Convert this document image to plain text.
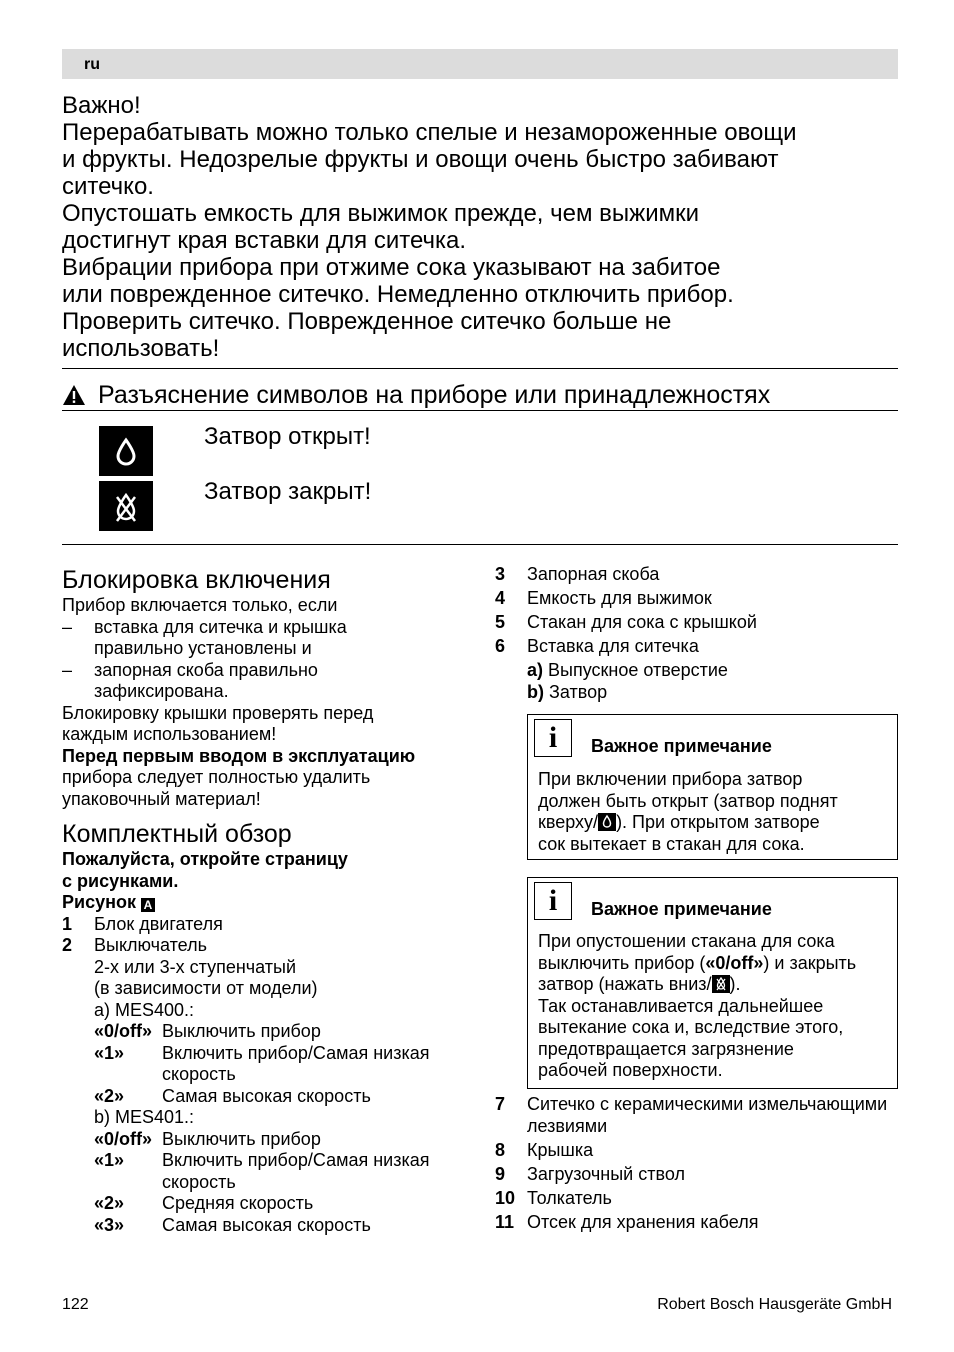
ru

Важно!

Перерабатывать можно только спелые и незамороженные овощи

и фрукты. Недозрелые фрукты и овощи очень быстро забивают

ситечко.

Опустошать емкость для выжимок прежде, чем выжимки

достигнут края вставки для ситечка.

Вибрации прибора при отжиме сока указывают на забитое

или поврежденное ситечко. Немедленно отключить прибор.

Проверить ситечко. Поврежденное ситечко больше не

использовать!

Разъяснение символов на приборе или принадлежностях
Затвор открыт!
Затвор закрыт!

Блокировка включения

Прибор включается только, если

–	вставка для ситечка и крышка
правильно установлены и
–	запорная скоба правильно
зафиксирована.

Блокировку крышки проверять перед

каждым использованием!

Перед первым вводом в эксплуатацию

прибора следует полностью удалить

упаковочный материал!

Комплектный обзор

Пожалуйста, откройте страницу

с рисунками.

Рисунок A

1	Блок двигателя
2	Выключатель

2-х или 3-х ступенчатый

(в зависимости от модели)

a) MES400.:

«0/off» Выключить прибор
«1»	Включить прибор/Самая низкая скорость
«2»	Самая высокая скорость

b) MES401.:

«0/off» Выключить прибор
«1»	Включить прибор/Самая низкая скорость
«2»	Средняя скорость
«3»	Самая высокая скорость
3	Запорная скоба
4	Емкость для выжимок
5	Стакан для сока с крышкой
6	Вставка для ситечка

a) Выпускное отверстие

b) Затвор

i	Важное примечание

При включении прибора затвор

должен быть открыт (затвор поднят

кверху/ ). При открытом затворе

сок вытекает в стакан для сока.

i	Важное примечание

При опустошении стакана для сока

выключить прибор («0/off») и закрыть

затвор (нажать вниз/ ).

Так останавливается дальнейшее

вытекание сока и, вследствие этого,

предотвращается загрязнение

рабочей поверхности.

7	Ситечко с керамическими измельчающими лезвиями
8	Крышка
9	Загрузочный ствол
10 Толкатель
11 Отсек для хранения кабеля
122	Robert Bosch Hausgeräte GmbH
